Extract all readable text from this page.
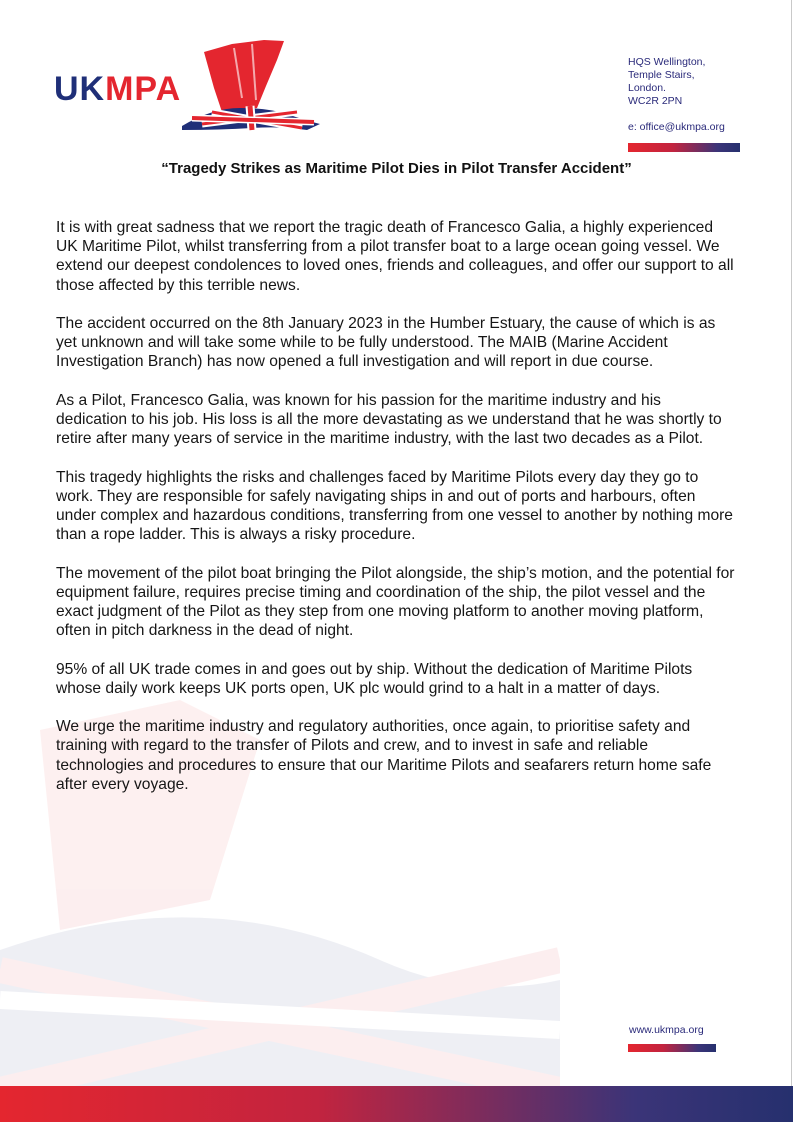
UKMPA
HQS Wellington,
Temple Stairs,
London.
WC2R 2PN
e: office@ukmpa.org
“Tragedy Strikes as Maritime Pilot Dies in Pilot Transfer Accident”

It is with great sadness that we report the tragic death of Francesco Galia, a highly experienced UK Maritime Pilot, whilst transferring from a pilot transfer boat to a large ocean going vessel. We extend our deepest condolences to loved ones, friends and colleagues, and offer our support to all those affected by this terrible news.

The accident occurred on the 8th January 2023 in the Humber Estuary, the cause of which is as yet unknown and will take some while to be fully understood. The MAIB (Marine Accident Investigation Branch) has now opened a full investigation and will report in due course.

As a Pilot, Francesco Galia, was known for his passion for the maritime industry and his dedication to his job. His loss is all the more devastating as we understand that he was shortly to retire after many years of service in the maritime industry, with the last two decades as a Pilot.

This tragedy highlights the risks and challenges faced by Maritime Pilots every day they go to work. They are responsible for safely navigating ships in and out of ports and harbours, often under complex and hazardous conditions, transferring from one vessel to another by nothing more than a rope ladder. This is always a risky procedure.

The movement of the pilot boat bringing the Pilot alongside, the ship’s motion, and the potential for equipment failure, requires precise timing and coordination of the ship, the pilot vessel and the exact judgment of the Pilot as they step from one moving platform to another moving platform, often in pitch darkness in the dead of night.

95% of all UK trade comes in and goes out by ship. Without the dedication of Maritime Pilots whose daily work keeps UK ports open, UK plc would grind to a halt in a matter of days.

We urge the maritime industry and regulatory authorities, once again, to prioritise safety and training with regard to the transfer of Pilots and crew, and to invest in safe and reliable technologies and procedures to ensure that our Maritime Pilots and seafarers return home safe after every voyage.

www.ukmpa.org
